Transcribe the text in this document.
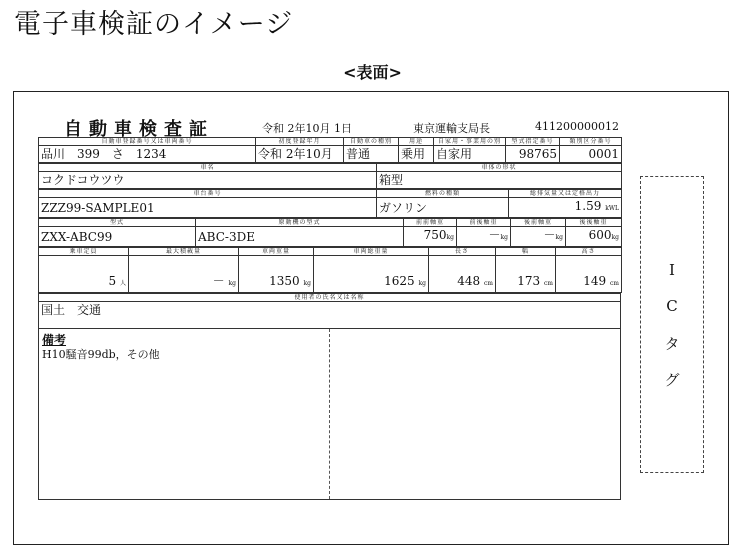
電子車検証のイメージ
<表面>
自動車検査証	令和 2年10月 1日	東京運輸支局長	411200000012
自動車登録番号又は車両番号	初度登録年月	自動車の種別	用途	自家用・事業用の別	型式指定番号	類別区分番号
品川　399　さ　1234	令和 2年10月	普通	乗用	自家用	98765	0001
車名	車体の形状
コクドコウツウ	箱型
車台番号	燃料の種類	総排気量又は定格出力
ZZZ99-SAMPLE01	ガソリン	1.59 kWL
型式	原動機の型式	前前軸重	前後軸重	後前軸重	後後軸重
ZXX-ABC99	ABC-3DE	750kg	－kg	－kg	600kg
乗車定員	最大積載量	車両重量	車両総重量	長さ	幅	高さ
5 人	－ kg	1350 kg	1625 kg	448 cm	173 cm	149 cm
使用者の氏名又は名称
国土　交通
備考
H10騒音99db，その他
I
C
タ
グ
